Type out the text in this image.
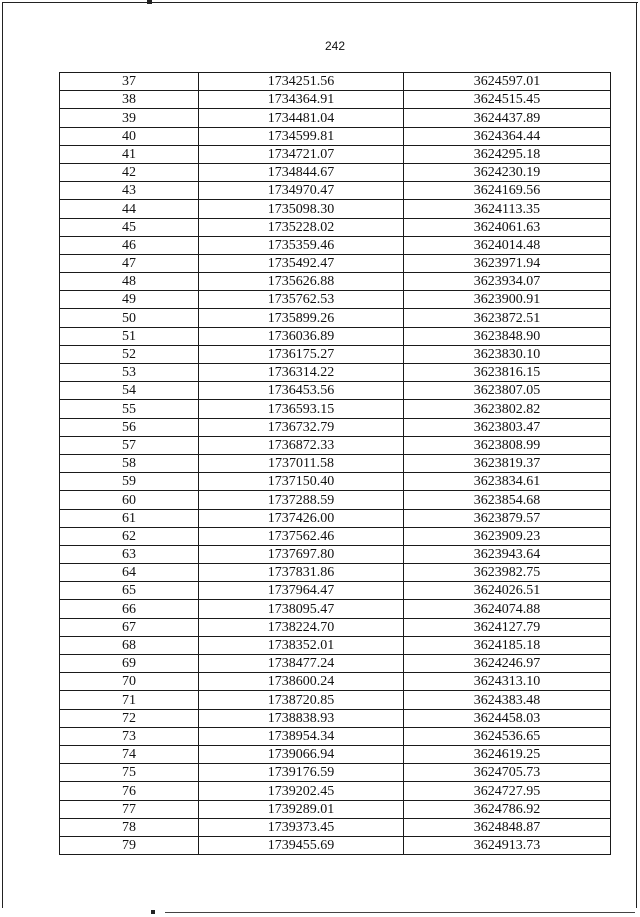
242
37	1734251.56	3624597.01
38	1734364.91	3624515.45
39	1734481.04	3624437.89
40	1734599.81	3624364.44
41	1734721.07	3624295.18
42	1734844.67	3624230.19
43	1734970.47	3624169.56
44	1735098.30	3624113.35
45	1735228.02	3624061.63
46	1735359.46	3624014.48
47	1735492.47	3623971.94
48	1735626.88	3623934.07
49	1735762.53	3623900.91
50	1735899.26	3623872.51
51	1736036.89	3623848.90
52	1736175.27	3623830.10
53	1736314.22	3623816.15
54	1736453.56	3623807.05
55	1736593.15	3623802.82
56	1736732.79	3623803.47
57	1736872.33	3623808.99
58	1737011.58	3623819.37
59	1737150.40	3623834.61
60	1737288.59	3623854.68
61	1737426.00	3623879.57
62	1737562.46	3623909.23
63	1737697.80	3623943.64
64	1737831.86	3623982.75
65	1737964.47	3624026.51
66	1738095.47	3624074.88
67	1738224.70	3624127.79
68	1738352.01	3624185.18
69	1738477.24	3624246.97
70	1738600.24	3624313.10
71	1738720.85	3624383.48
72	1738838.93	3624458.03
73	1738954.34	3624536.65
74	1739066.94	3624619.25
75	1739176.59	3624705.73
76	1739202.45	3624727.95
77	1739289.01	3624786.92
78	1739373.45	3624848.87
79	1739455.69	3624913.73
